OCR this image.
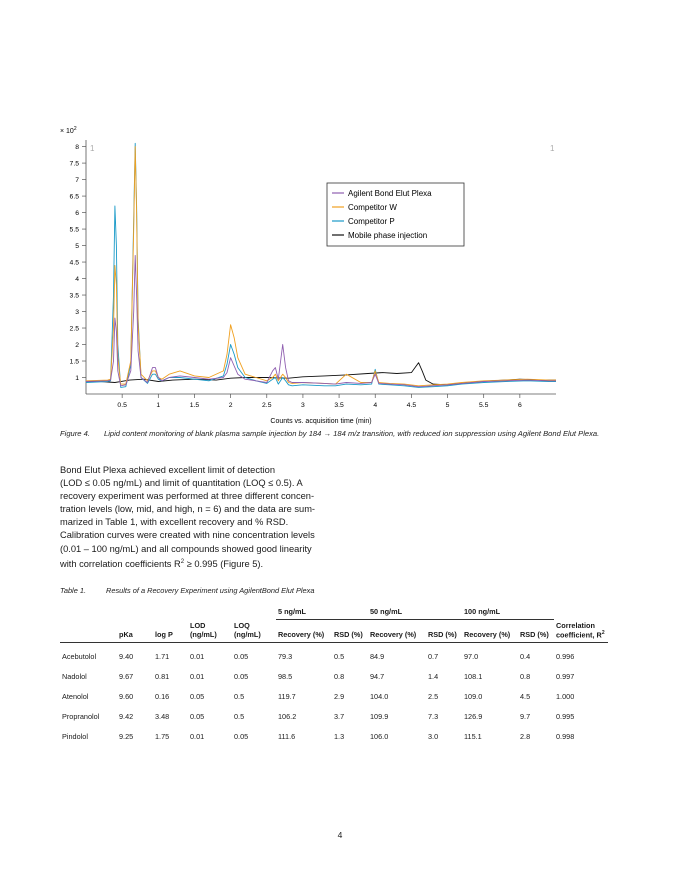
× $10^2$
1	1
1
1.5
2
2.5
3
3.5
4
4.5
5
5.5
6
6.5
7
7.5
8
0.5	1	1.5	2	2.5	3	3.5	4	4.5	5	5.5	6
Counts vs. acquisition time (min)
Agilent Bond Elut Plexa
Competitor W
Competitor P
Mobile phase injection
Figure 4. Lipid content monitoring of blank plasma sample injection by 184 → 184 m/z transition, with reduced ion suppression using Agilent Bond Elut Plexa.
Bond Elut Plexa achieved excellent limit of detection
(LOD ≤ 0.05 ng/mL) and limit of quantitation (LOQ ≤ 0.5). A
recovery experiment was performed at three different concen-
tration levels (low, mid, and high, n = 6) and the data are sum-
marized in Table 1, with excellent recovery and % RSD.
Calibration curves were created with nine concentration levels
(0.01 – 100 ng/mL) and all compounds showed good linearity
with correlation coefficients $R^2 \ge 0.995$ (Figure 5).
Table 1.	Results of a Recovery Experiment using AgilentBond Elut Plexa
					5 ng/mL		50 ng/mL		100 ng/mL		
	pKa	log P	LOD (ng/mL)	LOQ (ng/mL)	Recovery (%)	RSD (%)	Recovery (%)	RSD (%)	Recovery (%)	RSD (%)	Correlation coefficient, $R^2$
Acebutolol	9.40	1.71	0.01	0.05	79.3	0.5	84.9	0.7	97.0	0.4	0.996
Nadolol	9.67	0.81	0.01	0.05	98.5	0.8	94.7	1.4	108.1	0.8	0.997
Atenolol	9.60	0.16	0.05	0.5	119.7	2.9	104.0	2.5	109.0	4.5	1.000
Propranolol	9.42	3.48	0.05	0.5	106.2	3.7	109.9	7.3	126.9	9.7	0.995
Pindolol	9.25	1.75	0.01	0.05	111.6	1.3	106.0	3.0	115.1	2.8	0.998
4
